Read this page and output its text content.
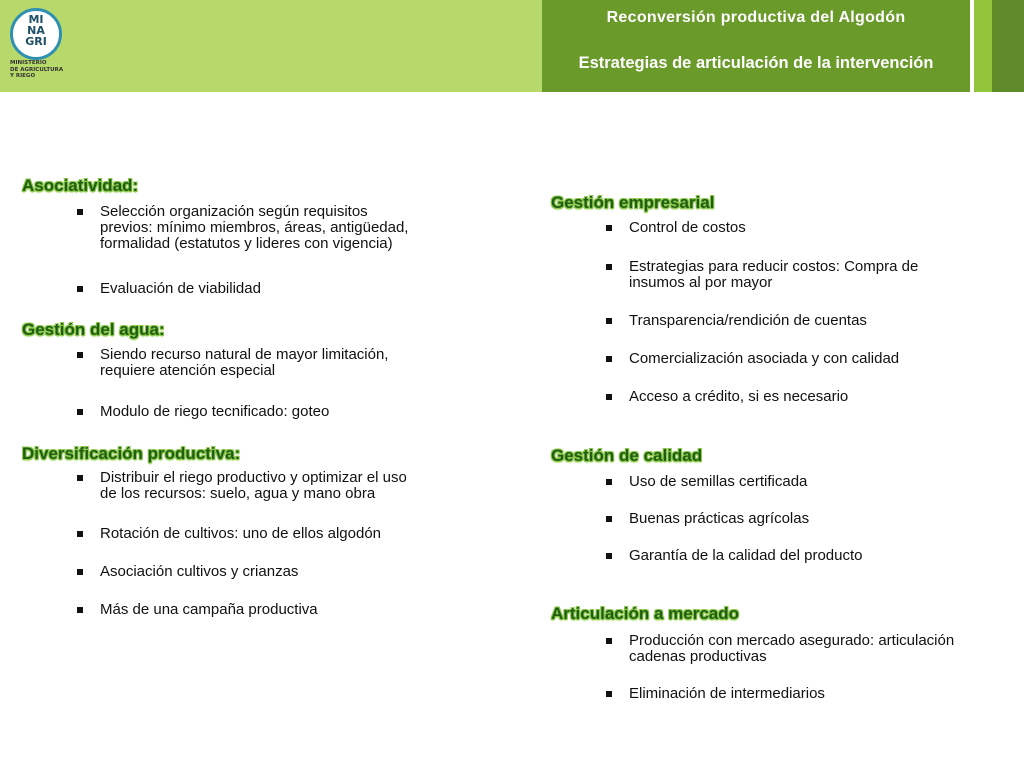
Reconversión productiva del Algodón
Estrategias de articulación de la intervención
MI
NA
GRI
MINISTERIO
DE AGRICULTURA
Y RIEGO
Asociatividad:
Selección organización según requisitos
previos: mínimo miembros, áreas, antigüedad,
formalidad (estatutos y lideres con vigencia)
Evaluación de viabilidad
Gestión del agua:
Siendo recurso natural de mayor limitación,
requiere atención especial
Modulo de riego tecnificado: goteo
Diversificación productiva:
Distribuir el riego productivo y optimizar el uso
de los recursos: suelo, agua y mano obra
Rotación de cultivos: uno de ellos algodón
Asociación cultivos y crianzas
Más de una campaña productiva
Gestión empresarial
Control de costos
Estrategias para reducir costos: Compra de
insumos al por mayor
Transparencia/rendición de cuentas
Comercialización asociada y con calidad
Acceso a crédito, si es necesario
Gestión de calidad
Uso de semillas certificada
Buenas prácticas agrícolas
Garantía de la calidad del producto
Articulación a mercado
Producción con mercado asegurado: articulación
cadenas productivas
Eliminación de intermediarios
